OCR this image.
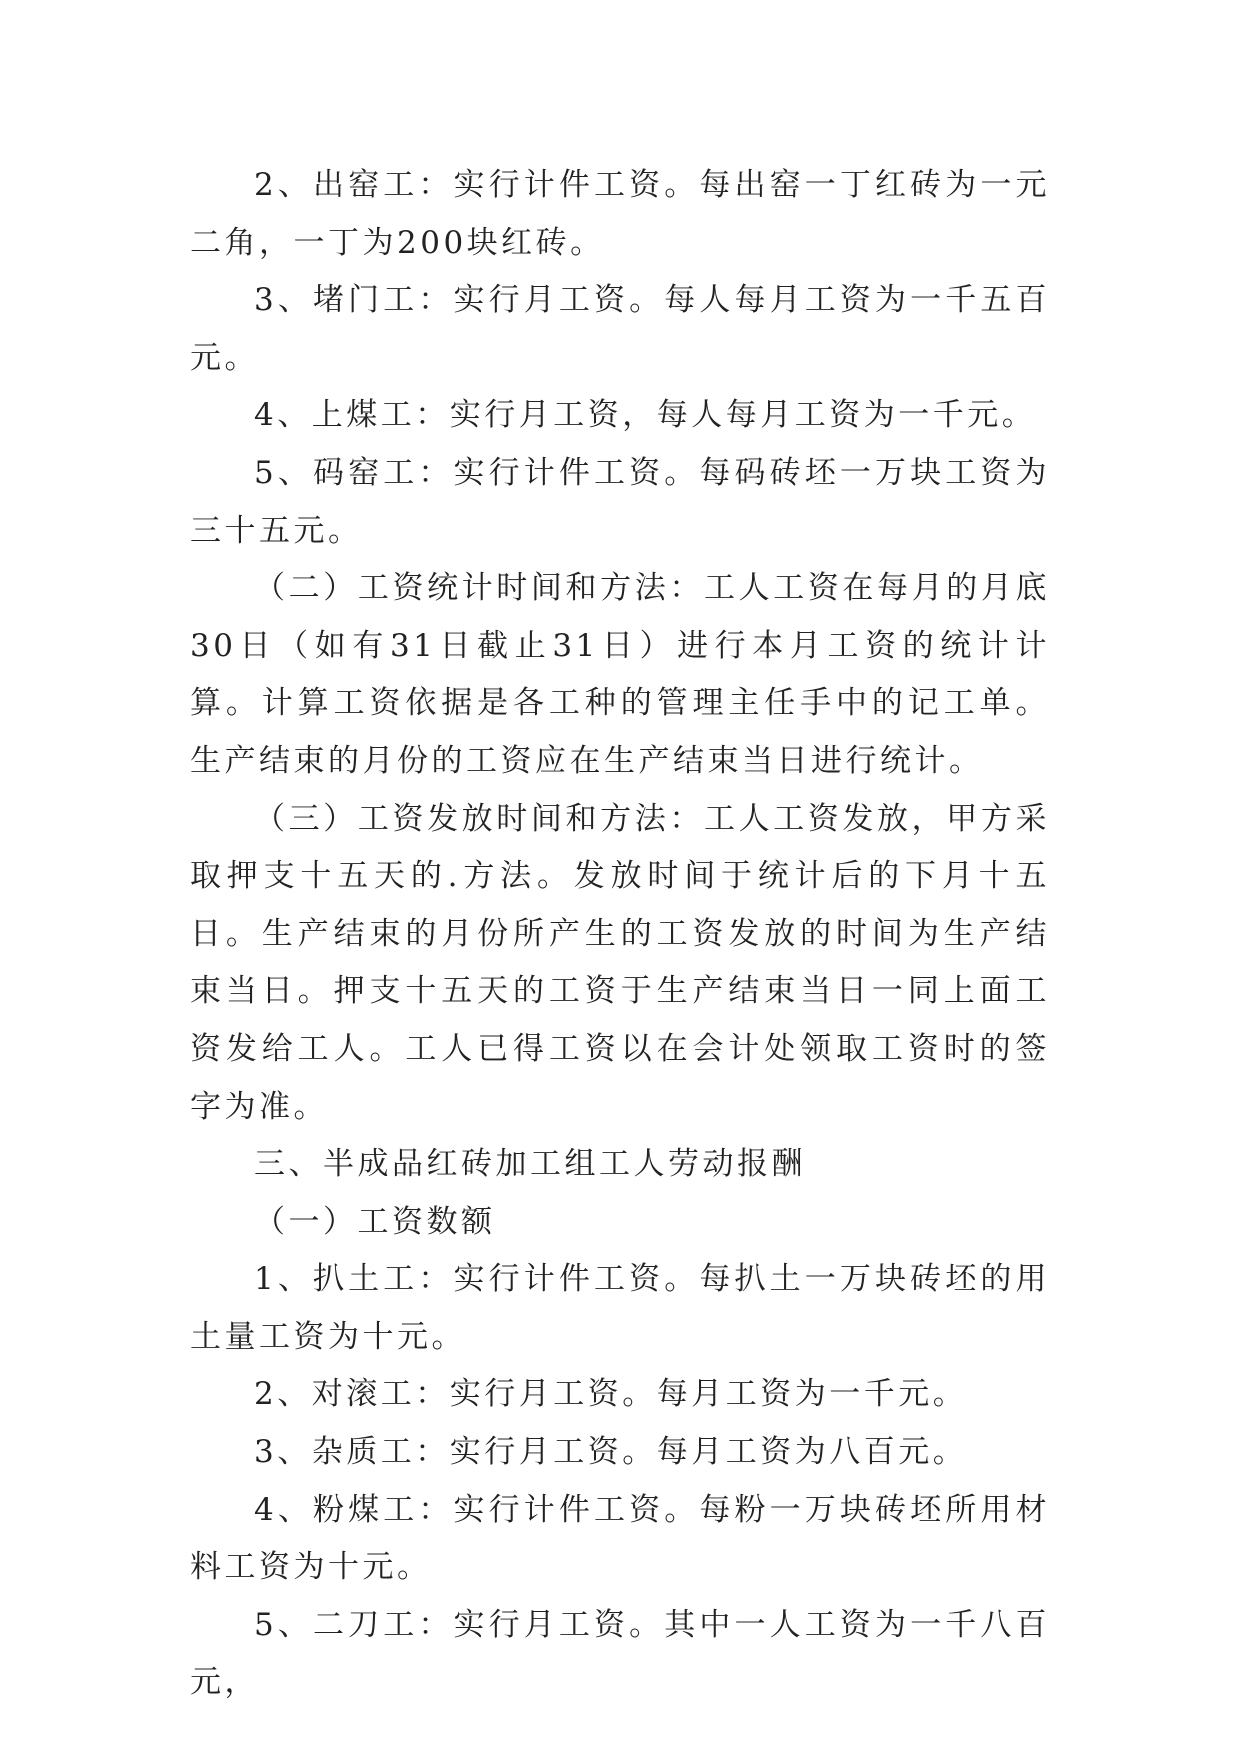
2、出窑工：实行计件工资。每出窑一丁红砖为一元二角，一丁为200块红砖。

3、堵门工：实行月工资。每人每月工资为一千五百元。

4、上煤工：实行月工资，每人每月工资为一千元。

5、码窑工：实行计件工资。每码砖坯一万块工资为三十五元。

（二）工资统计时间和方法：工人工资在每月的月底30日（如有31日截止31日）进行本月工资的统计计算。计算工资依据是各工种的管理主任手中的记工单。生产结束的月份的工资应在生产结束当日进行统计。

（三）工资发放时间和方法：工人工资发放，甲方采取押支十五天的.方法。发放时间于统计后的下月十五日。生产结束的月份所产生的工资发放的时间为生产结束当日。押支十五天的工资于生产结束当日一同上面工资发给工人。工人已得工资以在会计处领取工资时的签字为准。

三、半成品红砖加工组工人劳动报酬

（一）工资数额

1、扒土工：实行计件工资。每扒土一万块砖坯的用土量工资为十元。

2、对滚工：实行月工资。每月工资为一千元。

3、杂质工：实行月工资。每月工资为八百元。

4、粉煤工：实行计件工资。每粉一万块砖坯所用材料工资为十元。

5、二刀工：实行月工资。其中一人工资为一千八百元，
